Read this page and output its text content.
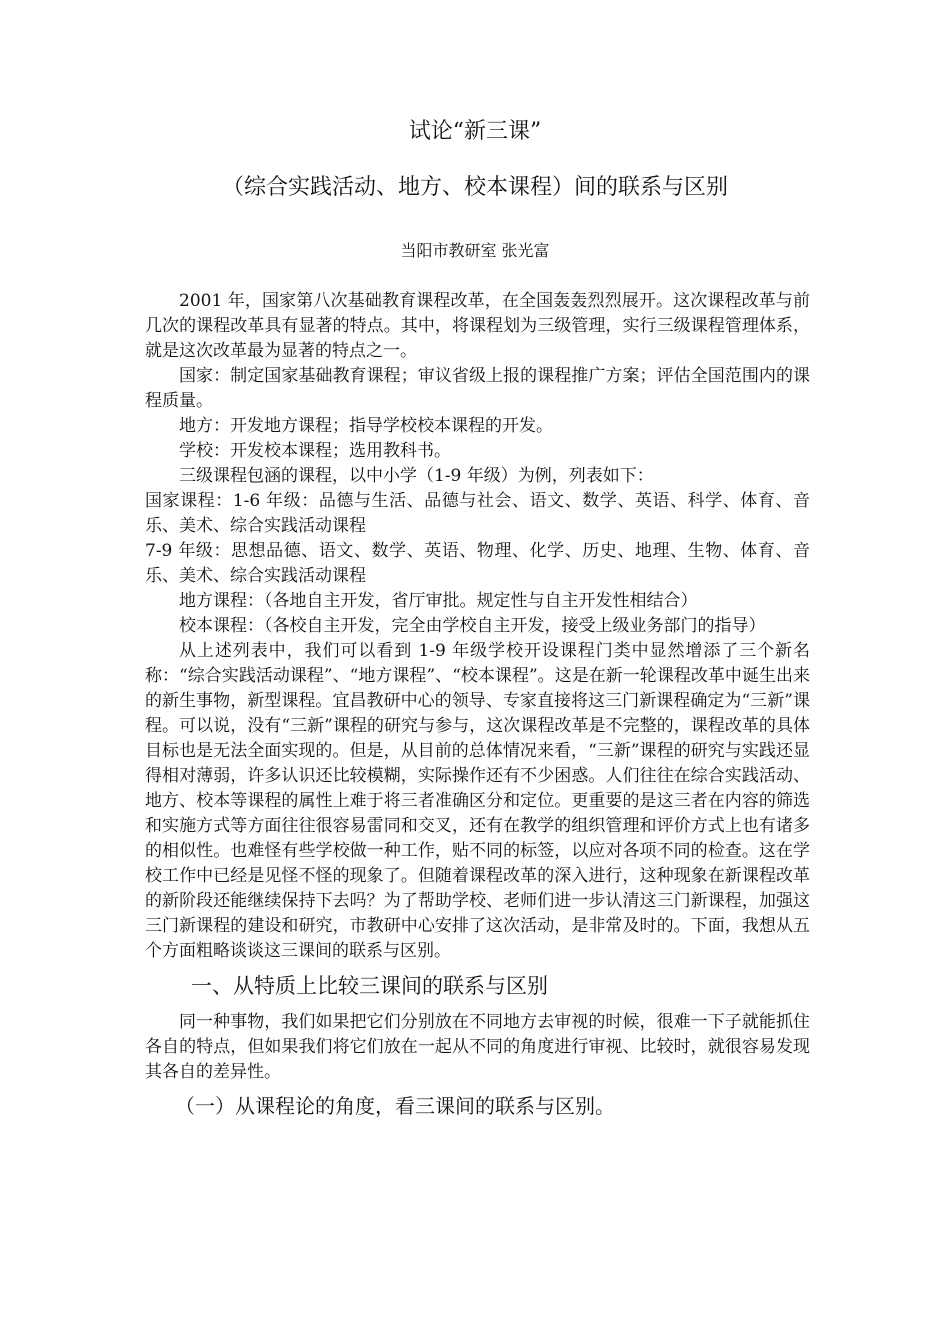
试论“新三课”
（综合实践活动、地方、校本课程）间的联系与区别
当阳市教研室 张光富

2001 年，国家第八次基础教育课程改革，在全国轰轰烈烈展开。这次课程改革与前几次的课程改革具有显著的特点。其中，将课程划为三级管理，实行三级课程管理体系，就是这次改革最为显著的特点之一。

国家：制定国家基础教育课程；审议省级上报的课程推广方案；评估全国范围内的课程质量。

地方：开发地方课程；指导学校校本课程的开发。

学校：开发校本课程；选用教科书。

三级课程包涵的课程，以中小学（1-9 年级）为例，列表如下：

国家课程：1-6 年级：品德与生活、品德与社会、语文、数学、英语、科学、体育、音乐、美术、综合实践活动课程

7-9 年级：思想品德、语文、数学、英语、物理、化学、历史、地理、生物、体育、音乐、美术、综合实践活动课程

地方课程：（各地自主开发，省厅审批。规定性与自主开发性相结合）

校本课程：（各校自主开发，完全由学校自主开发，接受上级业务部门的指导）

从上述列表中，我们可以看到 1-9 年级学校开设课程门类中显然增添了三个新名称：“综合实践活动课程”、“地方课程”、“校本课程”。这是在新一轮课程改革中诞生出来的新生事物，新型课程。宜昌教研中心的领导、专家直接将这三门新课程确定为“三新”课程。可以说，没有“三新”课程的研究与参与，这次课程改革是不完整的，课程改革的具体目标也是无法全面实现的。但是，从目前的总体情况来看，“三新”课程的研究与实践还显得相对薄弱，许多认识还比较模糊，实际操作还有不少困惑。人们往往在综合实践活动、地方、校本等课程的属性上难于将三者准确区分和定位。更重要的是这三者在内容的筛选和实施方式等方面往往很容易雷同和交叉，还有在教学的组织管理和评价方式上也有诸多的相似性。也难怪有些学校做一种工作，贴不同的标签，以应对各项不同的检查。这在学校工作中已经是见怪不怪的现象了。但随着课程改革的深入进行，这种现象在新课程改革的新阶段还能继续保持下去吗？为了帮助学校、老师们进一步认清这三门新课程，加强这三门新课程的建设和研究，市教研中心安排了这次活动，是非常及时的。下面，我想从五个方面粗略谈谈这三课间的联系与区别。

一、从特质上比较三课间的联系与区别

同一种事物，我们如果把它们分别放在不同地方去审视的时候，很难一下子就能抓住各自的特点，但如果我们将它们放在一起从不同的角度进行审视、比较时，就很容易发现其各自的差异性。

（一）从课程论的角度，看三课间的联系与区别。
